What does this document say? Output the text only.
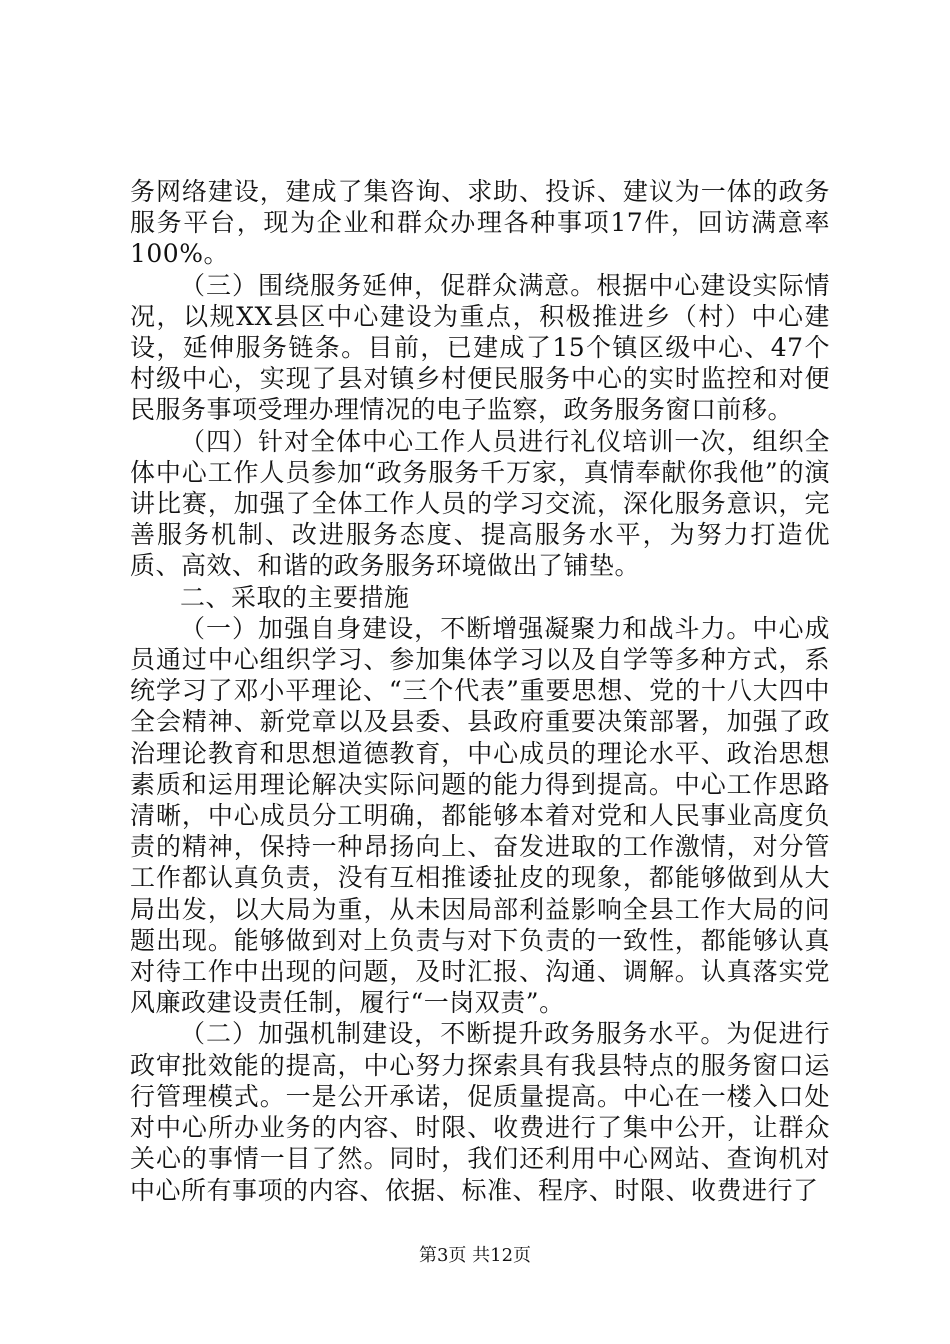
务网络建设，建成了集咨询、求助、投诉、建议为一体的政务服务平台，现为企业和群众办理各种事项17件，回访满意率100%。

（三）围绕服务延伸，促群众满意。根据中心建设实际情况，以规XX县区中心建设为重点，积极推进乡（村）中心建设，延伸服务链条。目前，已建成了15个镇区级中心、47个村级中心，实现了县对镇乡村便民服务中心的实时监控和对便民服务事项受理办理情况的电子监察，政务服务窗口前移。

（四）针对全体中心工作人员进行礼仪培训一次，组织全体中心工作人员参加“政务服务千万家，真情奉献你我他”的演讲比赛，加强了全体工作人员的学习交流，深化服务意识，完善服务机制、改进服务态度、提高服务水平，为努力打造优质、高效、和谐的政务服务环境做出了铺垫。

二、采取的主要措施

（一）加强自身建设，不断增强凝聚力和战斗力。中心成员通过中心组织学习、参加集体学习以及自学等多种方式，系统学习了邓小平理论、“三个代表”重要思想、党的十八大四中全会精神、新党章以及县委、县政府重要决策部署，加强了政治理论教育和思想道德教育，中心成员的理论水平、政治思想素质和运用理论解决实际问题的能力得到提高。中心工作思路清晰，中心成员分工明确，都能够本着对党和人民事业高度负责的精神，保持一种昂扬向上、奋发进取的工作激情，对分管工作都认真负责，没有互相推诿扯皮的现象，都能够做到从大局出发，以大局为重，从未因局部利益影响全县工作大局的问题出现。能够做到对上负责与对下负责的一致性，都能够认真对待工作中出现的问题，及时汇报、沟通、调解。认真落实党风廉政建设责任制，履行“一岗双责”。

（二）加强机制建设，不断提升政务服务水平。为促进行政审批效能的提高，中心努力探索具有我县特点的服务窗口运行管理模式。一是公开承诺，促质量提高。中心在一楼入口处对中心所办业务的内容、时限、收费进行了集中公开，让群众关心的事情一目了然。同时，我们还利用中心网站、查询机对中心所有事项的内容、依据、标准、程序、时限、收费进行了

第3页 共12页
